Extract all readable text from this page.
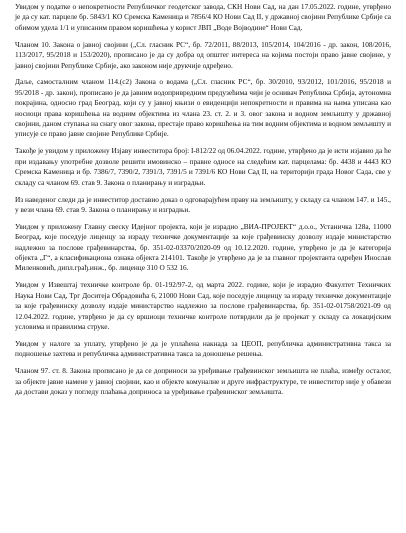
Увидом у податке о непокретности Републичког геодетског завода, СКН Нови Сад, на дан 17.05.2022. године, утврђено је да су кат. парцеле бр. 5843/1 КО Сремска Каменица и 7856/4 КО Нови Сад II, у државној својини Републике Србије са обимом удела 1/1 и уписаним правом коришћења у корист ЈВП „Воде Војводине“ Нови Сад.

Чланом 10. Закона о јавној својини („Сл. гласник РС“, бр. 72/2011, 88/2013, 105/2014, 104/2016 - др. закон, 108/2016, 113/2017, 95/2018 и 153/2020), прописано је да су добра од општег интереса на којима постоји право јавне својине, у јавној својини Републике Србије, ако законом није друкчије одређено.

Даље, самосталним чланом 114.(с2) Закона о водама („Сл. гласник РС“, бр. 30/2010, 93/2012, 101/2016, 95/2018 и 95/2018 - др. закон), прописано је да јавним водопривредним предузећима чији је оснивач Република Србија, аутономна покрајина, односно град Београд, који су у јавној књизи о евиденцији непокретности и правима на њима уписана као носиоци права коришћења на водним објектима из члана 23. ст. 2. и 3. овог закона и водном земљишту у државној својини, даном ступања на снагу овог закона, престаје право коришћења на тим водним објектима и водном земљишту и уписује се право јавне својине Републике Србије.

Такође је увидом у приложену Изјаву инвеститора број: I-812/22 од 06.04.2022. године, утврђено да је исти изјавио да ће при издавању употребне дозволе решити имовинско – правне односе на следећим кат. парцелама: бр. 4438 и 4443 КО Сремска Каменица и бр. 7386/7, 7390/2, 7391/3, 7391/5 и 7391/6 КО Нови Сад II, на територији града Новог Сада, све у складу са чланом 69. став 9. Закона о планирању и изградњи.

Из наведеног следи да је инвеститор доставио доказ о одговарајућем праву на земљишту, у складу са чланом 147. и 145., у вези члана 69. став 9. Закона о планирању и изградњи.

Увидом у приложену Главну свеску Идејног пројекта, који је израдио „ВИА-ПРОЈЕКТ“ д.о.о., Устаничка 128а, 11000 Београд, које поседује лиценцу за израду техничке документације за које грађевинску дозволу издаје министарство надлежно за послове грађевинарства, бр. 351-02-03370/2020-09 од 10.12.2020. године, утврђено је да је категорија објекта „Г“, а класификациона ознака објекта 214101. Такође је утврђено да је за главног пројектанта одређен Инослав Миленковић, дипл.грађ.инж., бр. лиценце 310 O 532 16.

Увидом у Извештај техничке контроле бр. 01-192/97-2, од марта 2022. године, који је израдио Факултет Техничких Наука Нови Сад, Трг Доситеја Обрадовића 6, 21000 Нови Сад, које поседује лиценцу за израду техничке документације за које грађевинску дозволу издаје министарство надлежно за послове грађевинарства, бр. 351-02-01758/2021-09 од 12.04.2022. године, утврђено је да су вршиоци техничке контроле потврдили да је пројекат у складу са локацијским условима и правилима струке.

Увидом у налоге за уплату, утврђено је да је уплаћена накнада за ЦЕОП, републичка административна такса за подношење захтева и републичка административна такса за доношење решења.

Чланом 97. ст. 8. Закона прописано је да се доприноси за уређивање грађевинског земљишта не плаћа, између осталог, за објекте јавне намене у јавној својини, као и објекте комуналне и друге инфраструктуре, те инвеститор није у обавези да достави доказ у погледу плаћања доприноса за уређивање грађевинског земљишта.
